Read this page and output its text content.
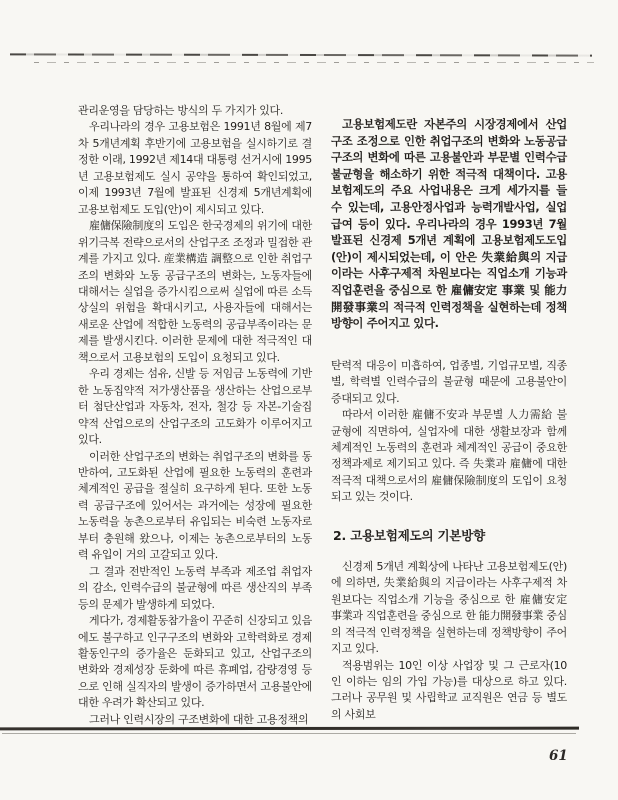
관리운영을 담당하는 방식의 두 가지가 있다.

우리나라의 경우 고용보험은 1991년 8월에 제7차 5개년계획 후반기에 고용보험을 실시하기로 결정한 이래, 1992년 제14대 대통령 선거시에 1995년 고용보험제도 실시 공약을 통하여 확인되었고, 이제 1993년 7월에 발표된 신경제 5개년계획에 고용보험제도 도입(안)이 제시되고 있다.

雇傭保險制度의 도입은 한국경제의 위기에 대한 위기극복 전략으로서의 산업구조 조정과 밀접한 관계를 가지고 있다. 産業構造 調整으로 인한 취업구조의 변화와 노동 공급구조의 변화는, 노동자들에 대해서는 실업을 증가시킴으로써 실업에 따른 소득상실의 위험을 확대시키고, 사용자들에 대해서는 새로운 산업에 적합한 노동력의 공급부족이라는 문제를 발생시킨다. 이러한 문제에 대한 적극적인 대책으로서 고용보험의 도입이 요청되고 있다.

우리 경제는 섬유, 신발 등 저임금 노동력에 기반한 노동집약적 저가생산품을 생산하는 산업으로부터 첨단산업과 자동차, 전자, 철강 등 자본-기술집약적 산업으로의 산업구조의 고도화가 이루어지고 있다.

이러한 산업구조의 변화는 취업구조의 변화를 동반하여, 고도화된 산업에 필요한 노동력의 훈련과 체계적인 공급을 절실히 요구하게 된다. 또한 노동력 공급구조에 있어서는 과거에는 성장에 필요한 노동력을 농촌으로부터 유입되는 비숙련 노동자로부터 충원해 왔으나, 이제는 농촌으로부터의 노동력 유입이 거의 고갈되고 있다.

그 결과 전반적인 노동력 부족과 제조업 취업자의 감소, 인력수급의 불균형에 따른 생산직의 부족 등의 문제가 발생하게 되었다.

게다가, 경제활동참가율이 꾸준히 신장되고 있음에도 불구하고 인구구조의 변화와 고학력화로 경제활동인구의 증가율은 둔화되고 있고, 산업구조의 변화와 경제성장 둔화에 따른 휴폐업, 감량경영 등으로 인해 실직자의 발생이 증가하면서 고용불안에 대한 우려가 확산되고 있다.

그러나 인력시장의 구조변화에 대한 고용정책의

고용보험제도란 자본주의 시장경제에서 산업구조 조정으로 인한 취업구조의 변화와 노동공급구조의 변화에 따른 고용불안과 부문별 인력수급 불균형을 해소하기 위한 적극적 대책이다. 고용보험제도의 주요 사업내용은 크게 세가지를 들 수 있는데, 고용안정사업과 능력개발사업, 실업급여 등이 있다. 우리나라의 경우 1993년 7월 발표된 신경제 5개년 계획에 고용보험제도도입(안)이 제시되었는데, 이 안은 失業給與의 지급이라는 사후구제적 차원보다는 직업소개 기능과 직업훈련을 중심으로 한 雇傭安定 事業 및 能力開發事業의 적극적 인력정책을 실현하는데 정책방향이 주어지고 있다.

탄력적 대응이 미흡하여, 업종별, 기업규모별, 직종별, 학력별 인력수급의 불균형 때문에 고용불안이 증대되고 있다.

따라서 이러한 雇傭不安과 부문별 人力需給 불균형에 직면하여, 실업자에 대한 생활보장과 함께 체계적인 노동력의 훈련과 체계적인 공급이 중요한 정책과제로 제기되고 있다. 즉 失業과 雇傭에 대한 적극적 대책으로서의 雇傭保險制度의 도입이 요청되고 있는 것이다.

2. 고용보험제도의 기본방향

신경제 5개년 계획상에 나타난 고용보험제도(안)에 의하면, 失業給與의 지급이라는 사후구제적 차원보다는 직업소개 기능을 중심으로 한 雇傭安定 事業과 직업훈련을 중심으로 한 能力開發事業 중심의 적극적 인력정책을 실현하는데 정책방향이 주어지고 있다.

적용범위는 10인 이상 사업장 및 그 근로자(10인 이하는 임의 가입 가능)를 대상으로 하고 있다. 그러나 공무원 및 사립학교 교직원은 연금 등 별도의 사회보

61
